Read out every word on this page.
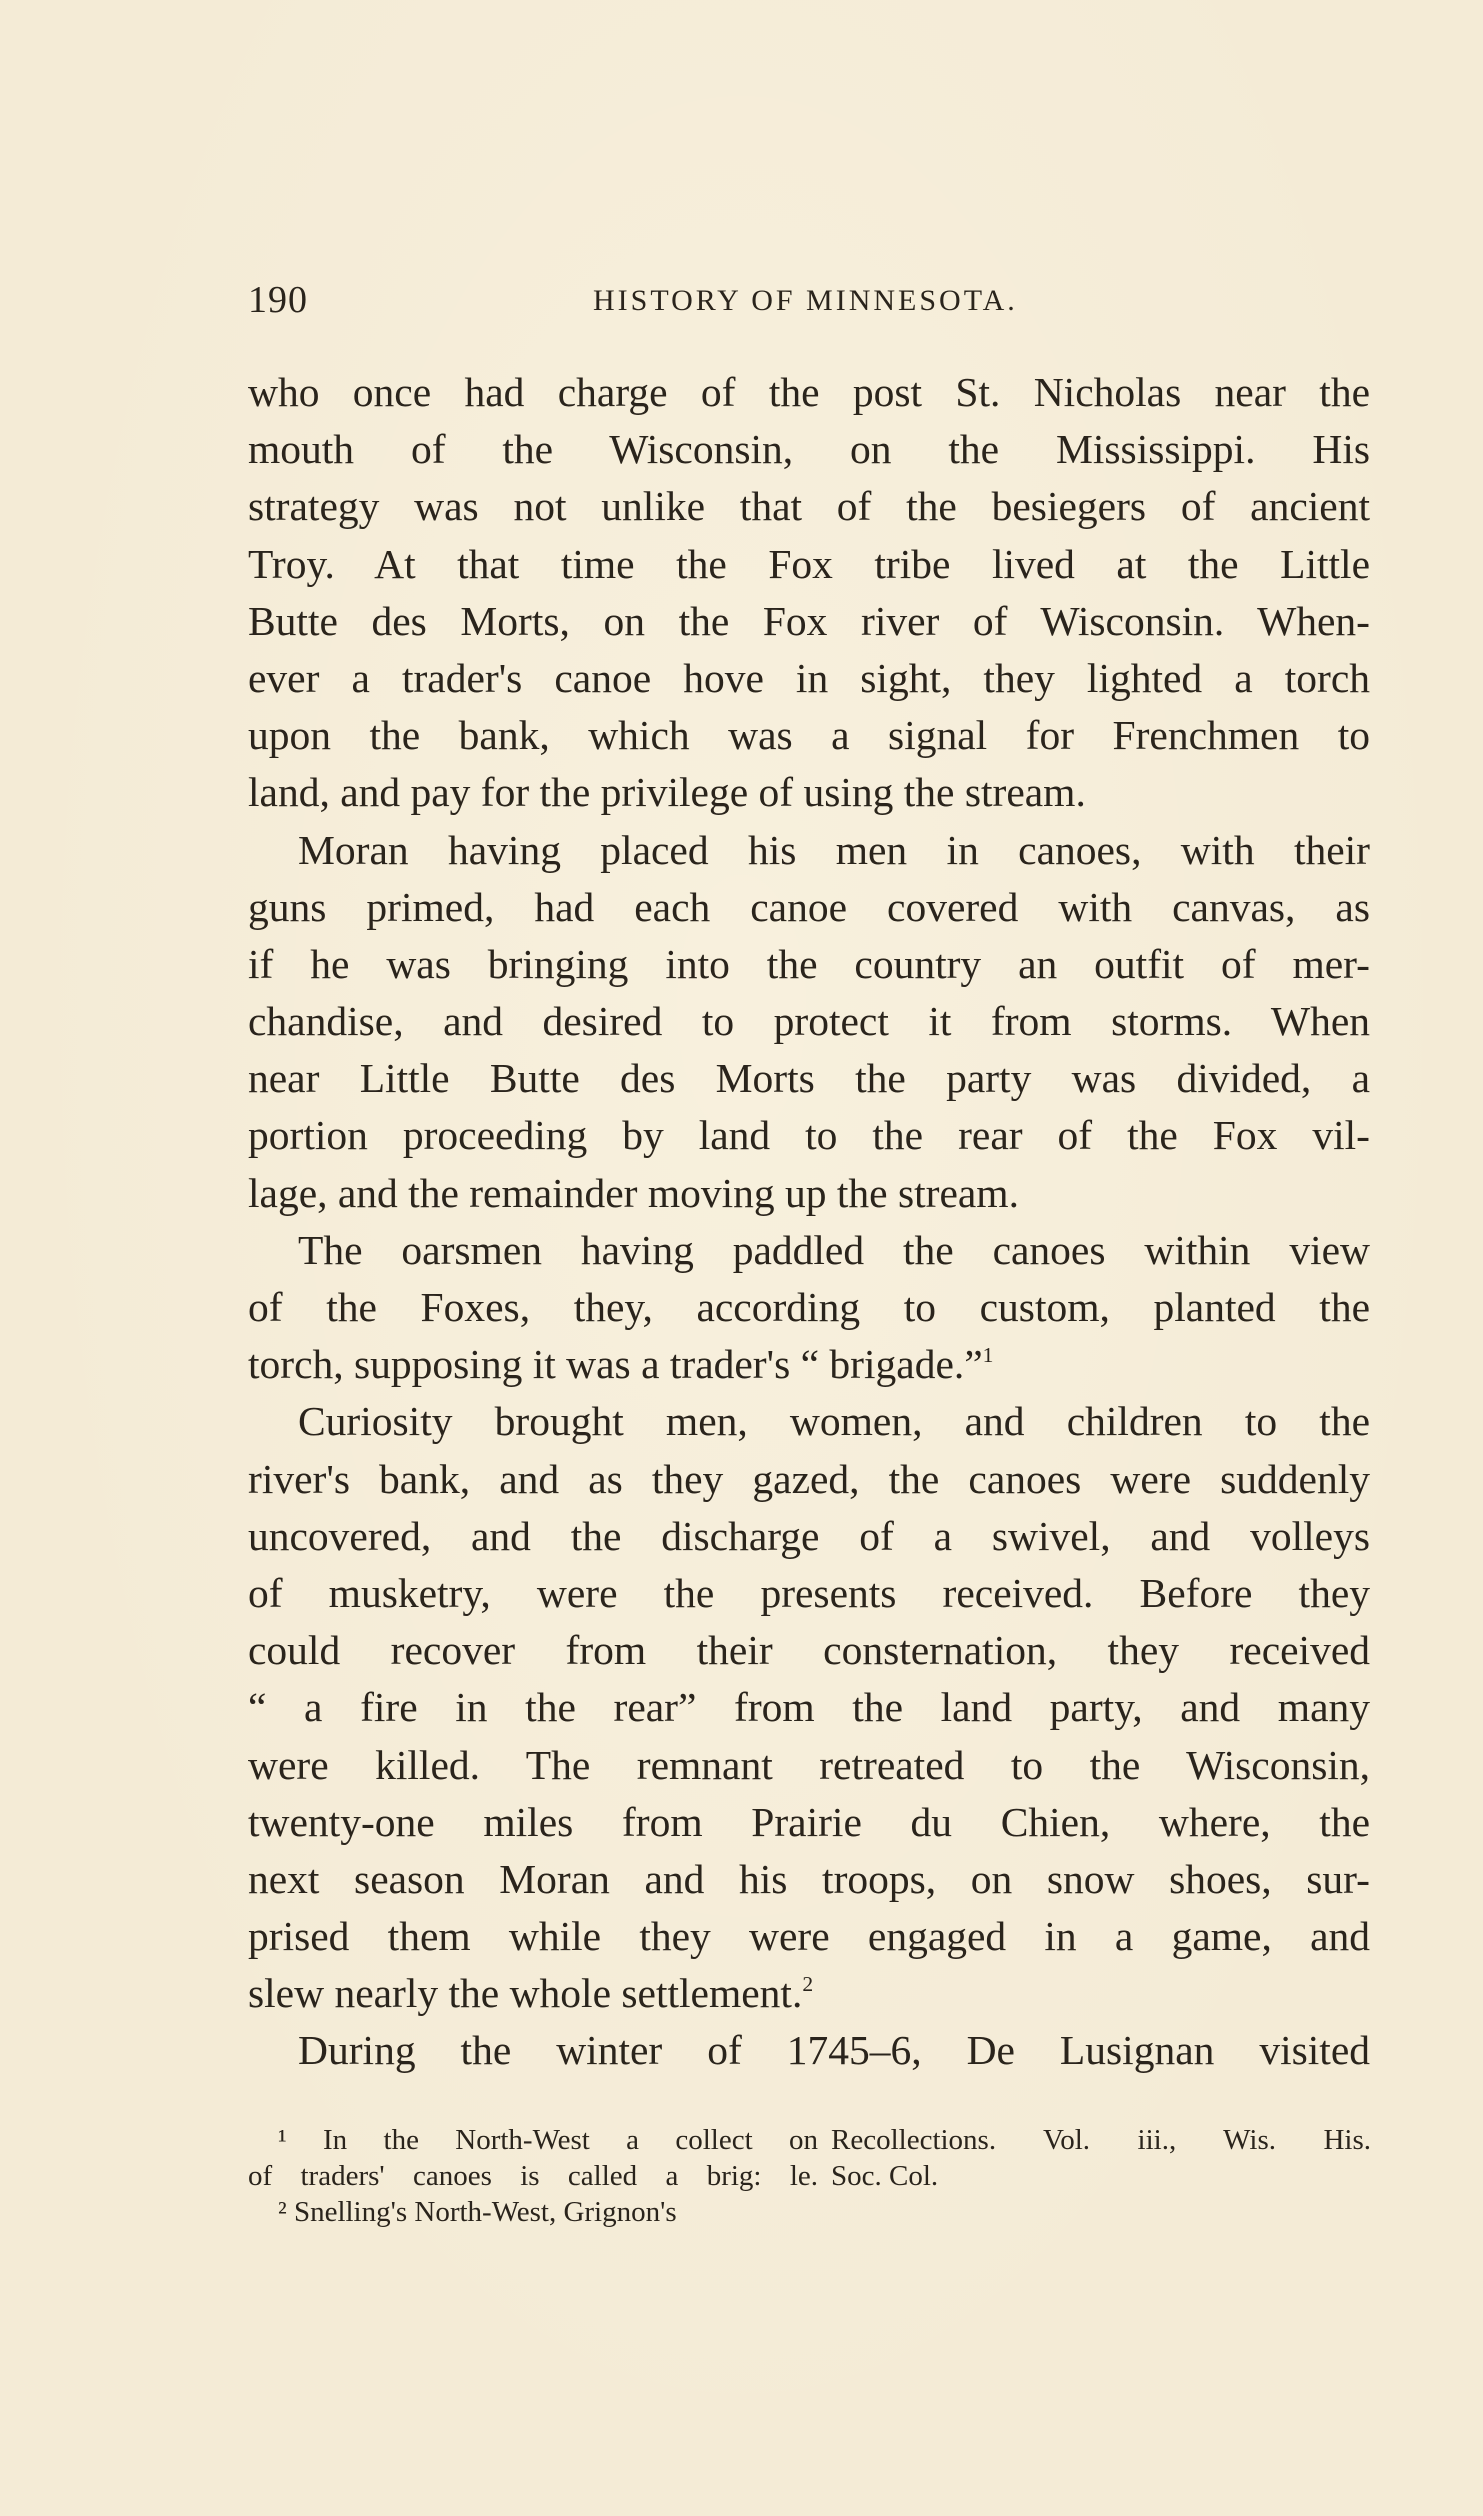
190	HISTORY OF MINNESOTA.
who once had charge of the post St. Nicholas near the
mouth of the Wisconsin, on the Mississippi. His
strategy was not unlike that of the besiegers of ancient
Troy. At that time the Fox tribe lived at the Little
Butte des Morts, on the Fox river of Wisconsin. When-
ever a trader's canoe hove in sight, they lighted a torch
upon the bank, which was a signal for Frenchmen to
land, and pay for the privilege of using the stream.
Moran having placed his men in canoes, with their
guns primed, had each canoe covered with canvas, as
if he was bringing into the country an outfit of mer-
chandise, and desired to protect it from storms. When
near Little Butte des Morts the party was divided, a
portion proceeding by land to the rear of the Fox vil-
lage, and the remainder moving up the stream.
The oarsmen having paddled the canoes within view
of the Foxes, they, according to custom, planted the
torch, supposing it was a trader's “ brigade.”$^1$
Curiosity brought men, women, and children to the
river's bank, and as they gazed, the canoes were suddenly
uncovered, and the discharge of a swivel, and volleys
of musketry, were the presents received. Before they
could recover from their consternation, they received
“ a fire in the rear” from the land party, and many
were killed. The remnant retreated to the Wisconsin,
twenty-one miles from Prairie du Chien, where, the
next season Moran and his troops, on snow shoes, sur-
prised them while they were engaged in a game, and
slew nearly the whole settlement.$^2$
During the winter of 1745–6, De Lusignan visited
¹ In the North-West a collect on
of traders' canoes is called a brig: le.
² Snelling's North-West, Grignon's
Recollections. Vol. iii., Wis. His.
Soc. Col.
